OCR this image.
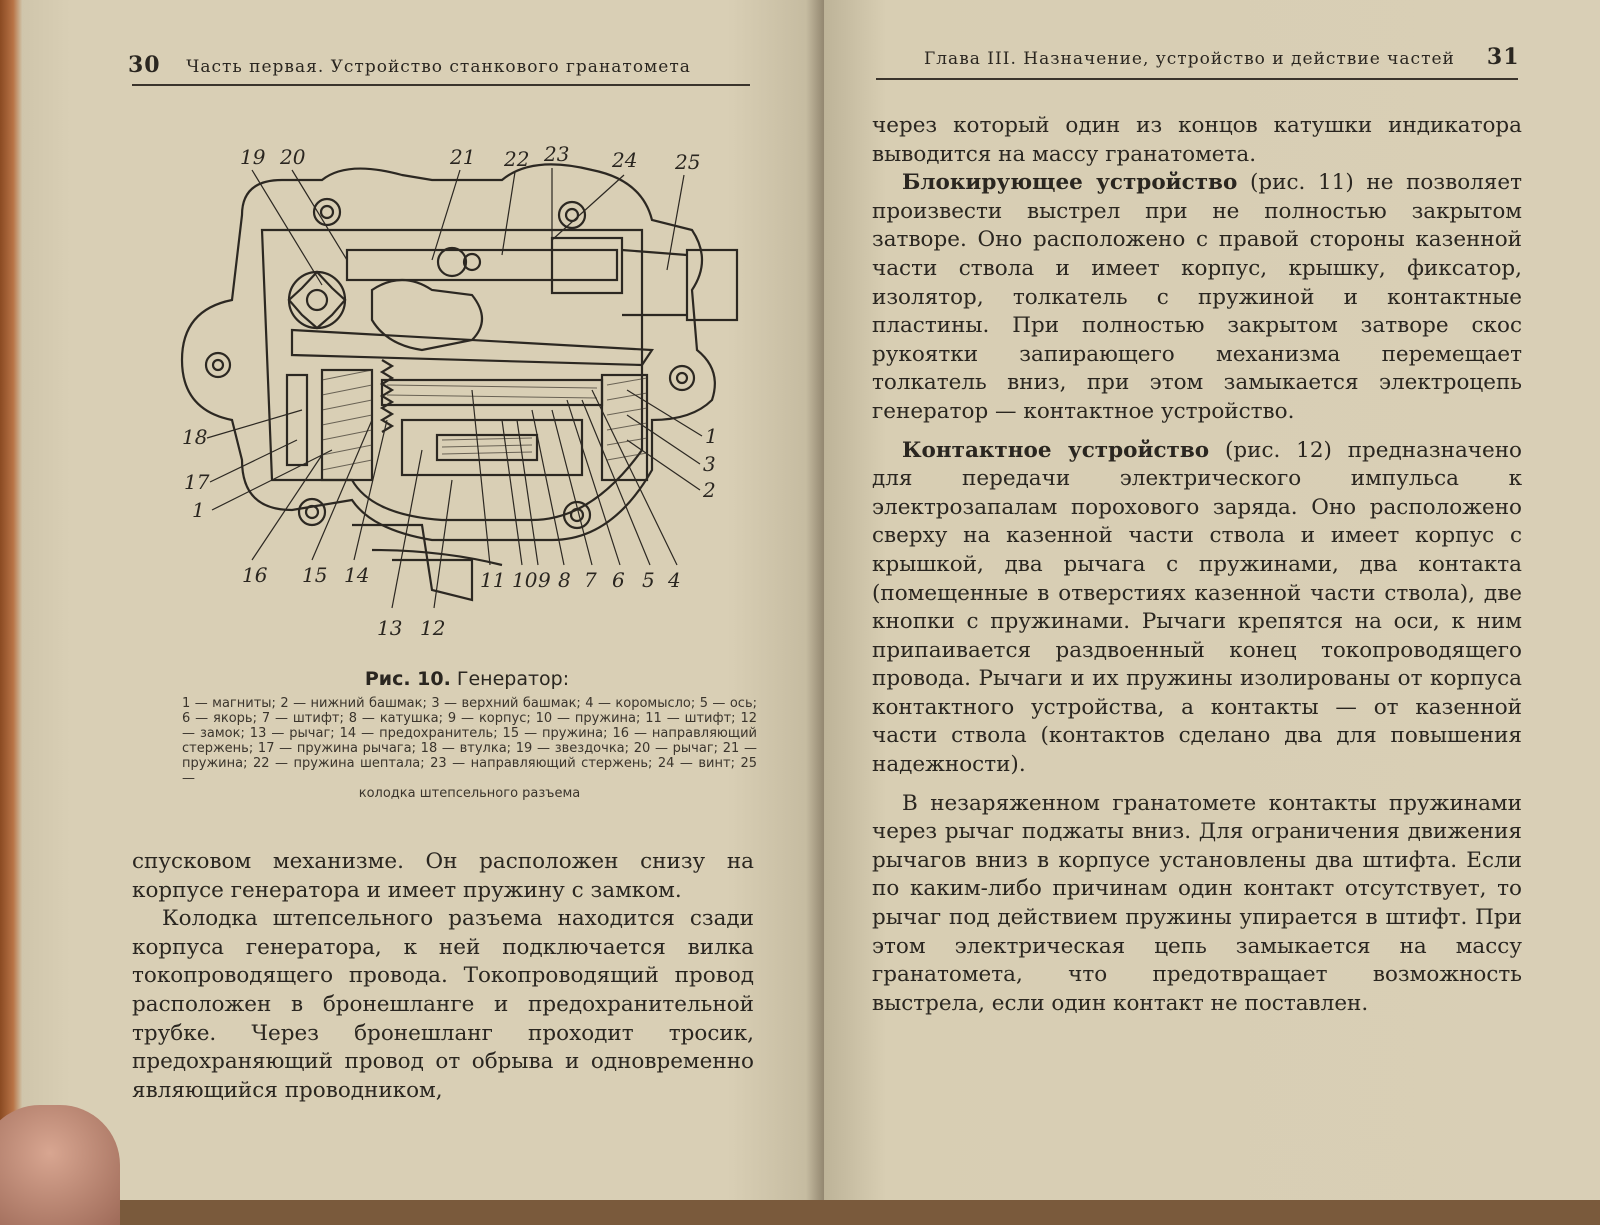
30 Часть первая. Устройство станкового гранатомета
19 20	21 22 23 24 25
18
17
1
1
3
2
16 15 14	11 10 9 8 7 6 5 4
13 12
Рис. 10. Генератор:
1 — магниты; 2 — нижний башмак; 3 — верхний башмак; 4 — коромысло; 5 — ось; 6 — якорь; 7 — штифт; 8 — катушка; 9 — корпус; 10 — пружина; 11 — штифт; 12 — замок; 13 — рычаг; 14 — предохранитель; 15 — пружина; 16 — направляющий стержень; 17 — пружина рычага; 18 — втулка; 19 — звездочка; 20 — рычаг; 21 — пружина; 22 — пружина шептала; 23 — направляющий стержень; 24 — винт; 25 —
колодка штепсельного разъема

спусковом механизме. Он расположен снизу на корпусе генератора и имеет пружину с замком.

Колодка штепсельного разъема находится сзади корпуса генератора, к ней подключается вилка токопроводящего провода. Токопроводящий провод расположен в бронешланге и предохранительной трубке. Через бронешланг проходит тросик, предохраняющий провод от обрыва и одновременно являющийся проводником,

Глава III. Назначение, устройство и действие частей 31

через который один из концов катушки индикатора выводится на массу гранатомета.

Блокирующее устройство (рис. 11) не позволяет произвести выстрел при не полностью закрытом затворе. Оно расположено с правой стороны казенной части ствола и имеет корпус, крышку, фиксатор, изолятор, толкатель с пружиной и контактные пластины. При полностью закрытом затворе скос рукоятки запирающего механизма перемещает толкатель вниз, при этом замыкается электроцепь генератор — контактное устройство.

Контактное устройство (рис. 12) предназначено для передачи электрического импульса к электрозапалам порохового заряда. Оно расположено сверху на казенной части ствола и имеет корпус с крышкой, два рычага с пружинами, два контакта (помещенные в отверстиях казенной части ствола), две кнопки с пружинами. Рычаги крепятся на оси, к ним припаивается раздвоенный конец токопроводящего провода. Рычаги и их пружины изолированы от корпуса контактного устройства, а контакты — от казенной части ствола (контактов сделано два для повышения надежности).

В незаряженном гранатомете контакты пружинами через рычаг поджаты вниз. Для ограничения движения рычагов вниз в корпусе установлены два штифта. Если по каким-либо причинам один контакт отсутствует, то рычаг под действием пружины упирается в штифт. При этом электрическая цепь замыкается на массу гранатомета, что предотвращает возможность выстрела, если один контакт не поставлен.
